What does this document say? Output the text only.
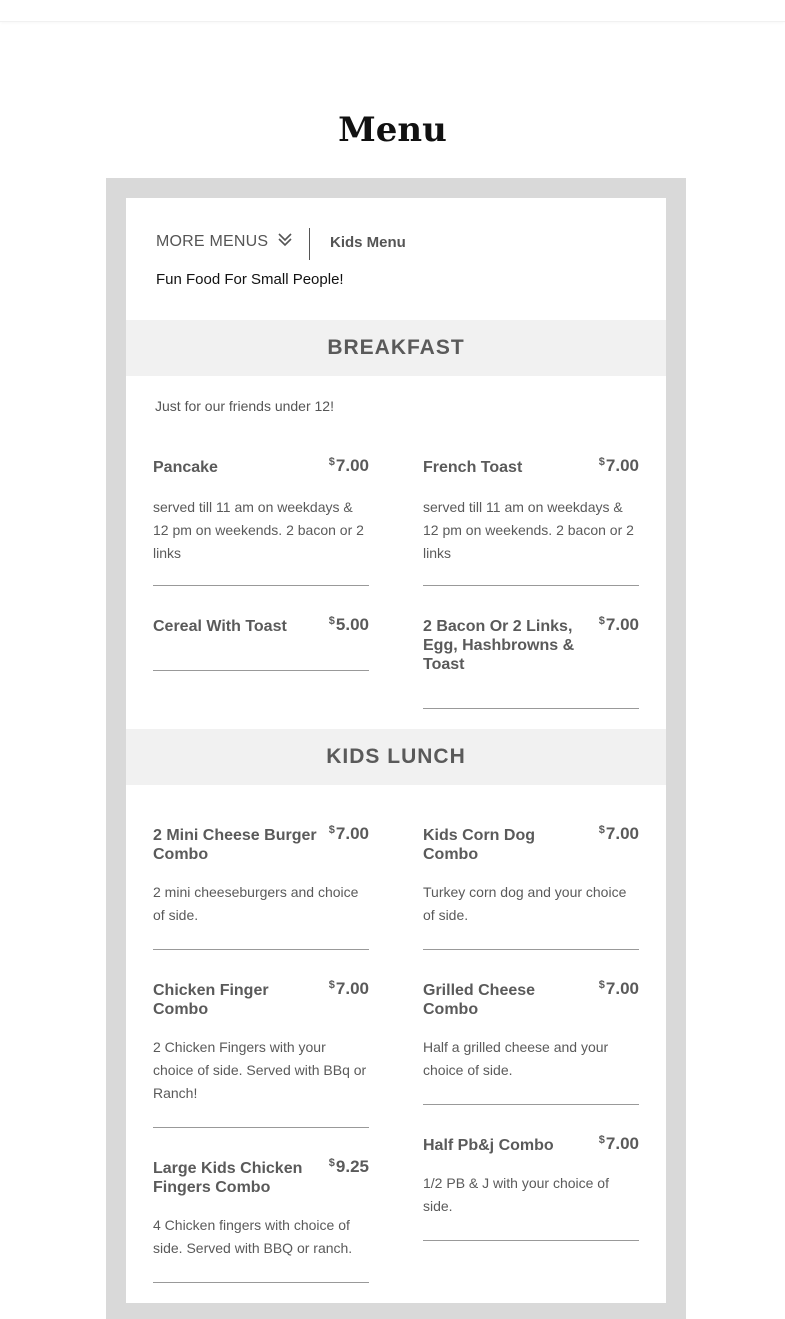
Menu
MORE MENUS	Kids Menu
Fun Food For Small People!
BREAKFAST
Just for our friends under 12!
Pancake	$7.00
served till 11 am on weekdays & 12 pm on weekends. 2 bacon or 2 links
French Toast	$7.00
served till 11 am on weekdays & 12 pm on weekends. 2 bacon or 2 links
Cereal With Toast	$5.00	2 Bacon Or 2 Links, Egg, Hashbrowns & Toast
$7.00
KIDS LUNCH
2 Mini Cheese Burger Combo
$7.00
2 mini cheeseburgers and choice of side.
Kids Corn Dog Combo
$7.00
Turkey corn dog and your choice of side.
Chicken Finger Combo
$7.00
2 Chicken Fingers with your choice of side. Served with BBq or Ranch!
Grilled Cheese Combo
$7.00
Half a grilled cheese and your choice of side.
Large Kids Chicken Fingers Combo
$9.25
4 Chicken fingers with choice of side. Served with BBQ or ranch.
Half Pb&j Combo	$7.00
1/2 PB & J with your choice of side.
